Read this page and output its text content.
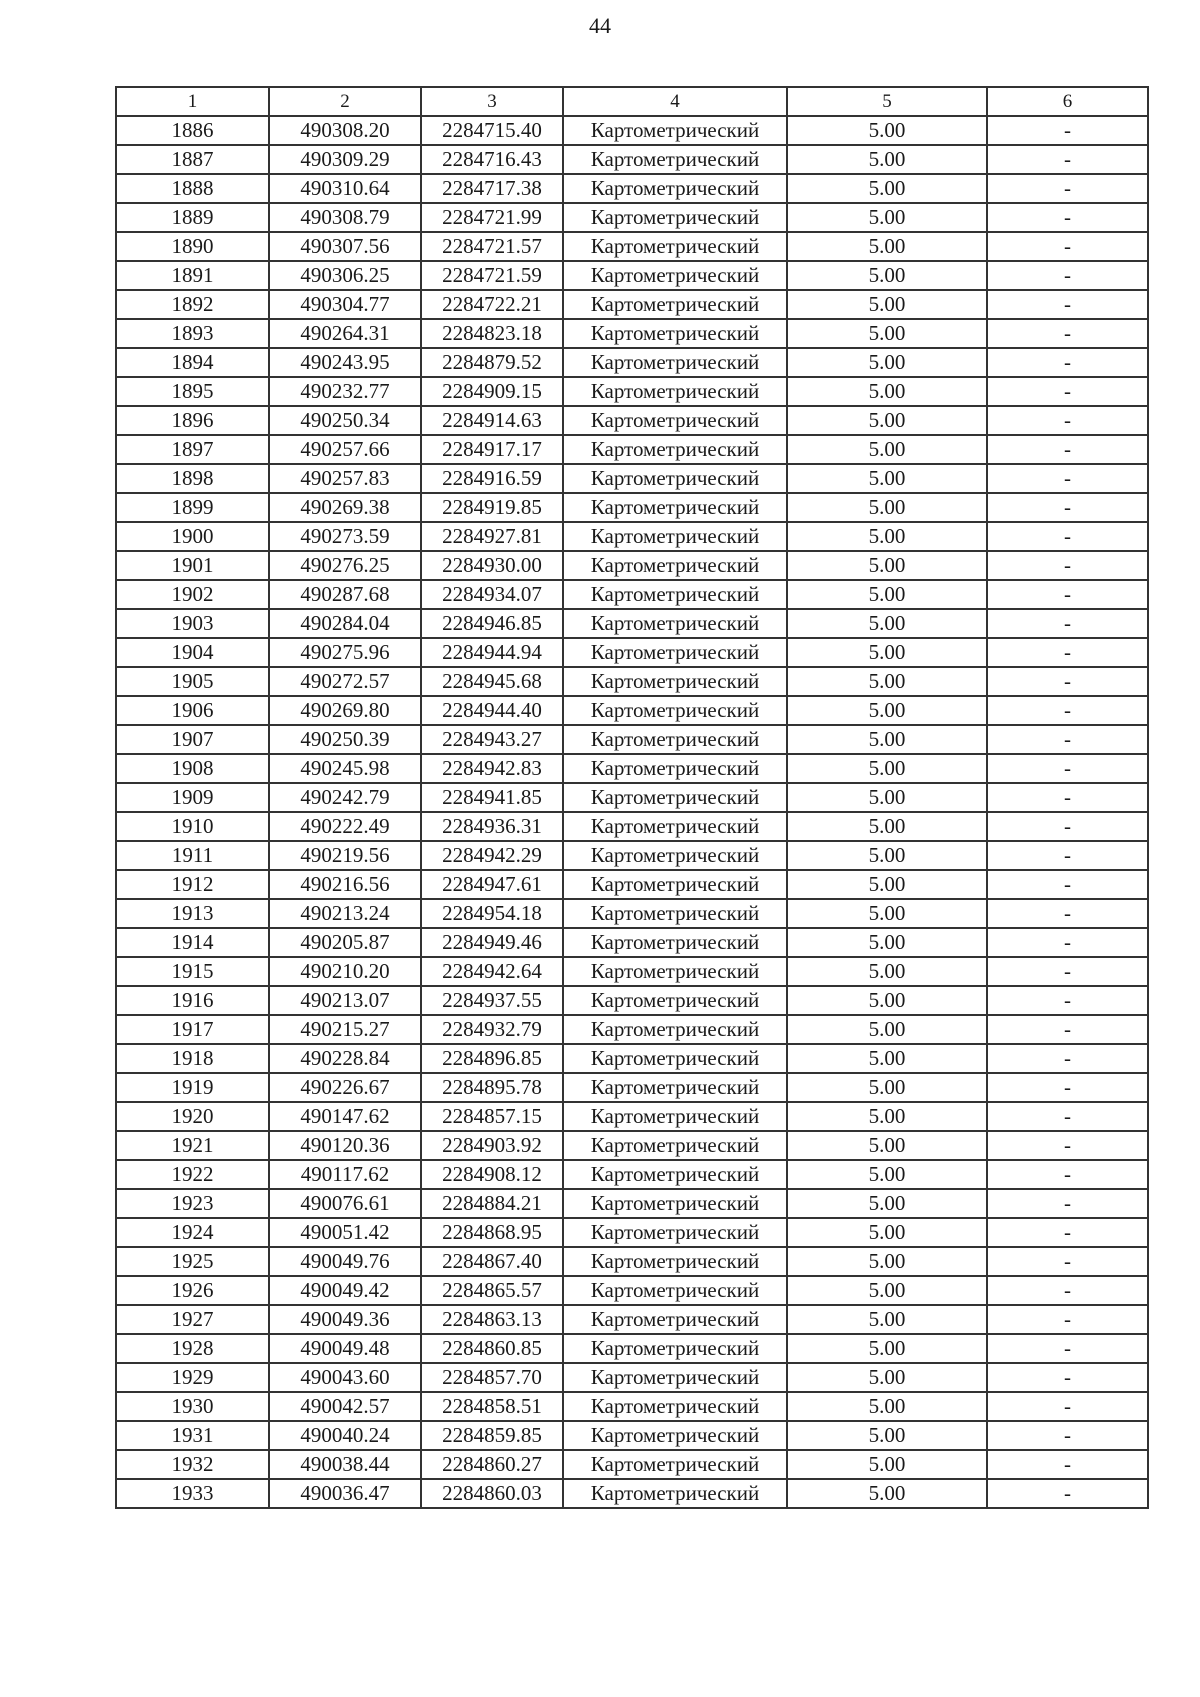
44
1	2	3	4	5	6
1886	490308.20	2284715.40	Картометрический	5.00	-
1887	490309.29	2284716.43	Картометрический	5.00	-
1888	490310.64	2284717.38	Картометрический	5.00	-
1889	490308.79	2284721.99	Картометрический	5.00	-
1890	490307.56	2284721.57	Картометрический	5.00	-
1891	490306.25	2284721.59	Картометрический	5.00	-
1892	490304.77	2284722.21	Картометрический	5.00	-
1893	490264.31	2284823.18	Картометрический	5.00	-
1894	490243.95	2284879.52	Картометрический	5.00	-
1895	490232.77	2284909.15	Картометрический	5.00	-
1896	490250.34	2284914.63	Картометрический	5.00	-
1897	490257.66	2284917.17	Картометрический	5.00	-
1898	490257.83	2284916.59	Картометрический	5.00	-
1899	490269.38	2284919.85	Картометрический	5.00	-
1900	490273.59	2284927.81	Картометрический	5.00	-
1901	490276.25	2284930.00	Картометрический	5.00	-
1902	490287.68	2284934.07	Картометрический	5.00	-
1903	490284.04	2284946.85	Картометрический	5.00	-
1904	490275.96	2284944.94	Картометрический	5.00	-
1905	490272.57	2284945.68	Картометрический	5.00	-
1906	490269.80	2284944.40	Картометрический	5.00	-
1907	490250.39	2284943.27	Картометрический	5.00	-
1908	490245.98	2284942.83	Картометрический	5.00	-
1909	490242.79	2284941.85	Картометрический	5.00	-
1910	490222.49	2284936.31	Картометрический	5.00	-
1911	490219.56	2284942.29	Картометрический	5.00	-
1912	490216.56	2284947.61	Картометрический	5.00	-
1913	490213.24	2284954.18	Картометрический	5.00	-
1914	490205.87	2284949.46	Картометрический	5.00	-
1915	490210.20	2284942.64	Картометрический	5.00	-
1916	490213.07	2284937.55	Картометрический	5.00	-
1917	490215.27	2284932.79	Картометрический	5.00	-
1918	490228.84	2284896.85	Картометрический	5.00	-
1919	490226.67	2284895.78	Картометрический	5.00	-
1920	490147.62	2284857.15	Картометрический	5.00	-
1921	490120.36	2284903.92	Картометрический	5.00	-
1922	490117.62	2284908.12	Картометрический	5.00	-
1923	490076.61	2284884.21	Картометрический	5.00	-
1924	490051.42	2284868.95	Картометрический	5.00	-
1925	490049.76	2284867.40	Картометрический	5.00	-
1926	490049.42	2284865.57	Картометрический	5.00	-
1927	490049.36	2284863.13	Картометрический	5.00	-
1928	490049.48	2284860.85	Картометрический	5.00	-
1929	490043.60	2284857.70	Картометрический	5.00	-
1930	490042.57	2284858.51	Картометрический	5.00	-
1931	490040.24	2284859.85	Картометрический	5.00	-
1932	490038.44	2284860.27	Картометрический	5.00	-
1933	490036.47	2284860.03	Картометрический	5.00	-
